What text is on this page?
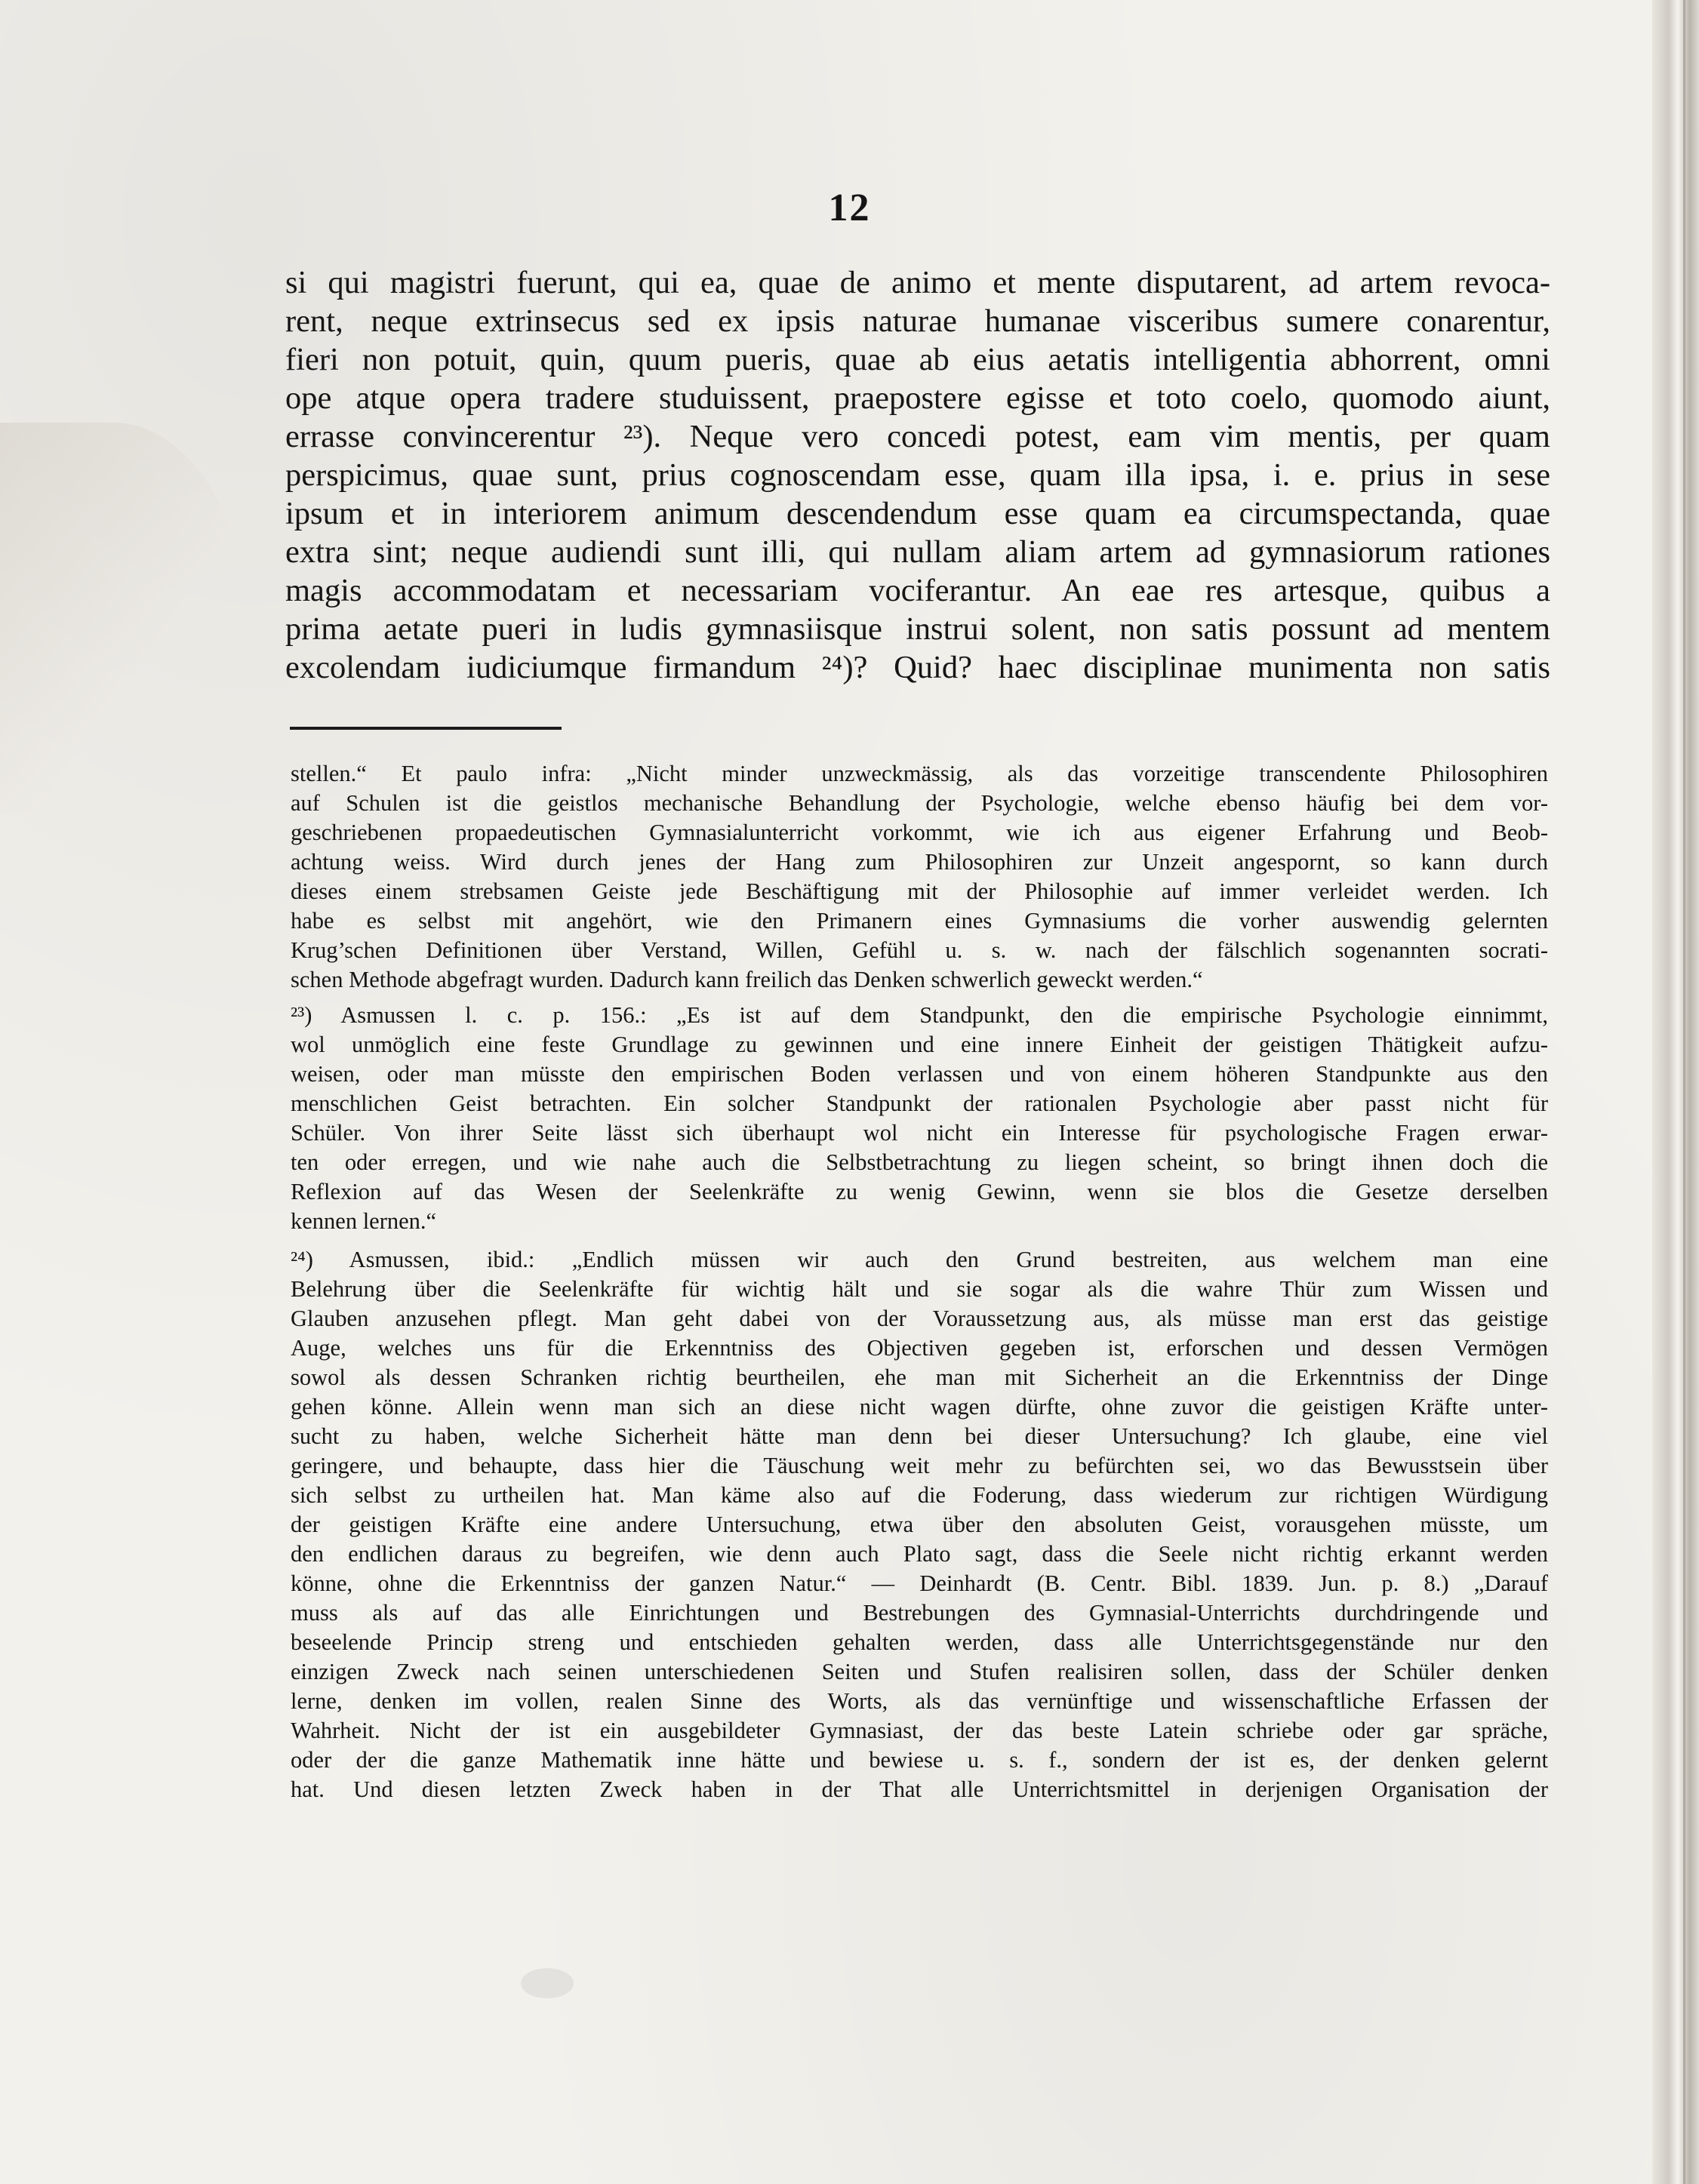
12
si qui magistri fuerunt, qui ea, quae de animo et mente disputarent, ad artem revoca-
rent, neque extrinsecus sed ex ipsis naturae humanae visceribus sumere conarentur,
fieri non potuit, quin, quum pueris, quae ab eius aetatis intelligentia abhorrent, omni
ope atque opera tradere studuissent, praepostere egisse et toto coelo, quomodo aiunt,
errasse convincerentur ²³). Neque vero concedi potest, eam vim mentis, per quam
perspicimus, quae sunt, prius cognoscendam esse, quam illa ipsa, i. e. prius in sese
ipsum et in interiorem animum descendendum esse quam ea circumspectanda, quae
extra sint; neque audiendi sunt illi, qui nullam aliam artem ad gymnasiorum rationes
magis accommodatam et necessariam vociferantur. An eae res artesque, quibus a
prima aetate pueri in ludis gymnasiisque instrui solent, non satis possunt ad mentem
excolendam iudiciumque firmandum ²⁴)? Quid? haec disciplinae munimenta non satis
stellen.“ Et paulo infra: „Nicht minder unzweckmässig, als das vorzeitige transcendente Philosophiren
auf Schulen ist die geistlos mechanische Behandlung der Psychologie, welche ebenso häufig bei dem vor-
geschriebenen propaedeutischen Gymnasialunterricht vorkommt, wie ich aus eigener Erfahrung und Beob-
achtung weiss. Wird durch jenes der Hang zum Philosophiren zur Unzeit angespornt, so kann durch
dieses einem strebsamen Geiste jede Beschäftigung mit der Philosophie auf immer verleidet werden. Ich
habe es selbst mit angehört, wie den Primanern eines Gymnasiums die vorher auswendig gelernten
Krug’schen Definitionen über Verstand, Willen, Gefühl u. s. w. nach der fälschlich sogenannten socrati-
schen Methode abgefragt wurden. Dadurch kann freilich das Denken schwerlich geweckt werden.“
²³) Asmussen l. c. p. 156.: „Es ist auf dem Standpunkt, den die empirische Psychologie einnimmt,
wol unmöglich eine feste Grundlage zu gewinnen und eine innere Einheit der geistigen Thätigkeit aufzu-
weisen, oder man müsste den empirischen Boden verlassen und von einem höheren Standpunkte aus den
menschlichen Geist betrachten. Ein solcher Standpunkt der rationalen Psychologie aber passt nicht für
Schüler. Von ihrer Seite lässt sich überhaupt wol nicht ein Interesse für psychologische Fragen erwar-
ten oder erregen, und wie nahe auch die Selbstbetrachtung zu liegen scheint, so bringt ihnen doch die
Reflexion auf das Wesen der Seelenkräfte zu wenig Gewinn, wenn sie blos die Gesetze derselben
kennen lernen.“
²⁴) Asmussen, ibid.: „Endlich müssen wir auch den Grund bestreiten, aus welchem man eine
Belehrung über die Seelenkräfte für wichtig hält und sie sogar als die wahre Thür zum Wissen und
Glauben anzusehen pflegt. Man geht dabei von der Voraussetzung aus, als müsse man erst das geistige
Auge, welches uns für die Erkenntniss des Objectiven gegeben ist, erforschen und dessen Vermögen
sowol als dessen Schranken richtig beurtheilen, ehe man mit Sicherheit an die Erkenntniss der Dinge
gehen könne. Allein wenn man sich an diese nicht wagen dürfte, ohne zuvor die geistigen Kräfte unter-
sucht zu haben, welche Sicherheit hätte man denn bei dieser Untersuchung? Ich glaube, eine viel
geringere, und behaupte, dass hier die Täuschung weit mehr zu befürchten sei, wo das Bewusstsein über
sich selbst zu urtheilen hat. Man käme also auf die Foderung, dass wiederum zur richtigen Würdigung
der geistigen Kräfte eine andere Untersuchung, etwa über den absoluten Geist, vorausgehen müsste, um
den endlichen daraus zu begreifen, wie denn auch Plato sagt, dass die Seele nicht richtig erkannt werden
könne, ohne die Erkenntniss der ganzen Natur.“ — Deinhardt (B. Centr. Bibl. 1839. Jun. p. 8.) „Darauf
muss als auf das alle Einrichtungen und Bestrebungen des Gymnasial-Unterrichts durchdringende und
beseelende Princip streng und entschieden gehalten werden, dass alle Unterrichtsgegenstände nur den
einzigen Zweck nach seinen unterschiedenen Seiten und Stufen realisiren sollen, dass der Schüler denken
lerne, denken im vollen, realen Sinne des Worts, als das vernünftige und wissenschaftliche Erfassen der
Wahrheit. Nicht der ist ein ausgebildeter Gymnasiast, der das beste Latein schriebe oder gar spräche,
oder der die ganze Mathematik inne hätte und bewiese u. s. f., sondern der ist es, der denken gelernt
hat. Und diesen letzten Zweck haben in der That alle Unterrichtsmittel in derjenigen Organisation der
